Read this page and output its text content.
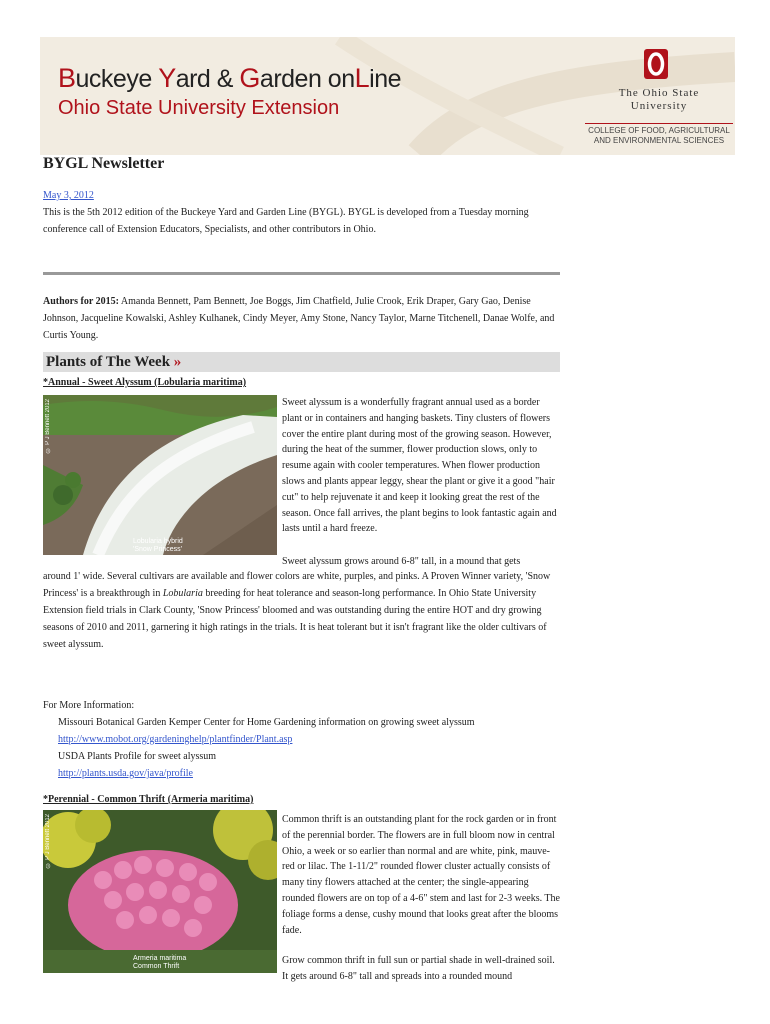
Buckeye Yard & Garden onLine
Ohio State University Extension
The Ohio State
University
COLLEGE OF FOOD, AGRICULTURAL
AND ENVIRONMENTAL SCIENCES
BYGL Newsletter
May 3, 2012
This is the 5th 2012 edition of the Buckeye Yard and Garden Line (BYGL). BYGL is developed from a Tuesday morning conference call of Extension Educators, Specialists, and other contributors in Ohio.
Authors for 2015: Amanda Bennett, Pam Bennett, Joe Boggs, Jim Chatfield, Julie Crook, Erik Draper, Gary Gao, Denise Johnson, Jacqueline Kowalski, Ashley Kulhanek, Cindy Meyer, Amy Stone, Nancy Taylor, Marne Titchenell, Danae Wolfe, and Curtis Young.
Plants of The Week »
*Annual - Sweet Alyssum (Lobularia maritima)
© P J Bennett 2012
Lobularia hybrid
'Snow Princess'
Sweet alyssum is a wonderfully fragrant annual used as a border plant or in containers and hanging baskets. Tiny clusters of flowers cover the entire plant during most of the growing season. However, during the heat of the summer, flower production slows, only to resume again with cooler temperatures. When flower production slows and plants appear leggy, shear the plant or give it a good "hair cut" to help rejuvenate it and keep it looking great the rest of the season. Once fall arrives, the plant begins to look fantastic again and lasts until a hard freeze.
Sweet alyssum grows around 6-8" tall, in a mound that gets
around 1' wide. Several cultivars are available and flower colors are white, purples, and pinks. A Proven Winner variety, 'Snow Princess' is a breakthrough in Lobularia breeding for heat tolerance and season-long performance. In Ohio State University Extension field trials in Clark County, 'Snow Princess' bloomed and was outstanding during the entire HOT and dry growing seasons of 2010 and 2011, garnering it high ratings in the trials. It is heat tolerant but it isn't fragrant like the older cultivars of sweet alyssum.
For More Information:
Missouri Botanical Garden Kemper Center for Home Gardening information on growing sweet alyssum
http://www.mobot.org/gardeninghelp/plantfinder/Plant.asp
USDA Plants Profile for sweet alyssum
http://plants.usda.gov/java/profile
*Perennial - Common Thrift (Armeria maritima)
© P J Bennett 2012
Armeria maritima
Common Thrift
Common thrift is an outstanding plant for the rock garden or in front of the perennial border. The flowers are in full bloom now in central Ohio, a week or so earlier than normal and are white, pink, mauve-red or lilac. The 1-11/2" rounded flower cluster actually consists of many tiny flowers attached at the center; the single-appearing rounded flowers are on top of a 4-6" stem and last for 2-3 weeks. The foliage forms a dense, cushy mound that looks great after the blooms fade.
Grow common thrift in full sun or partial shade in well-drained soil. It gets around 6-8" tall and spreads into a rounded mound
